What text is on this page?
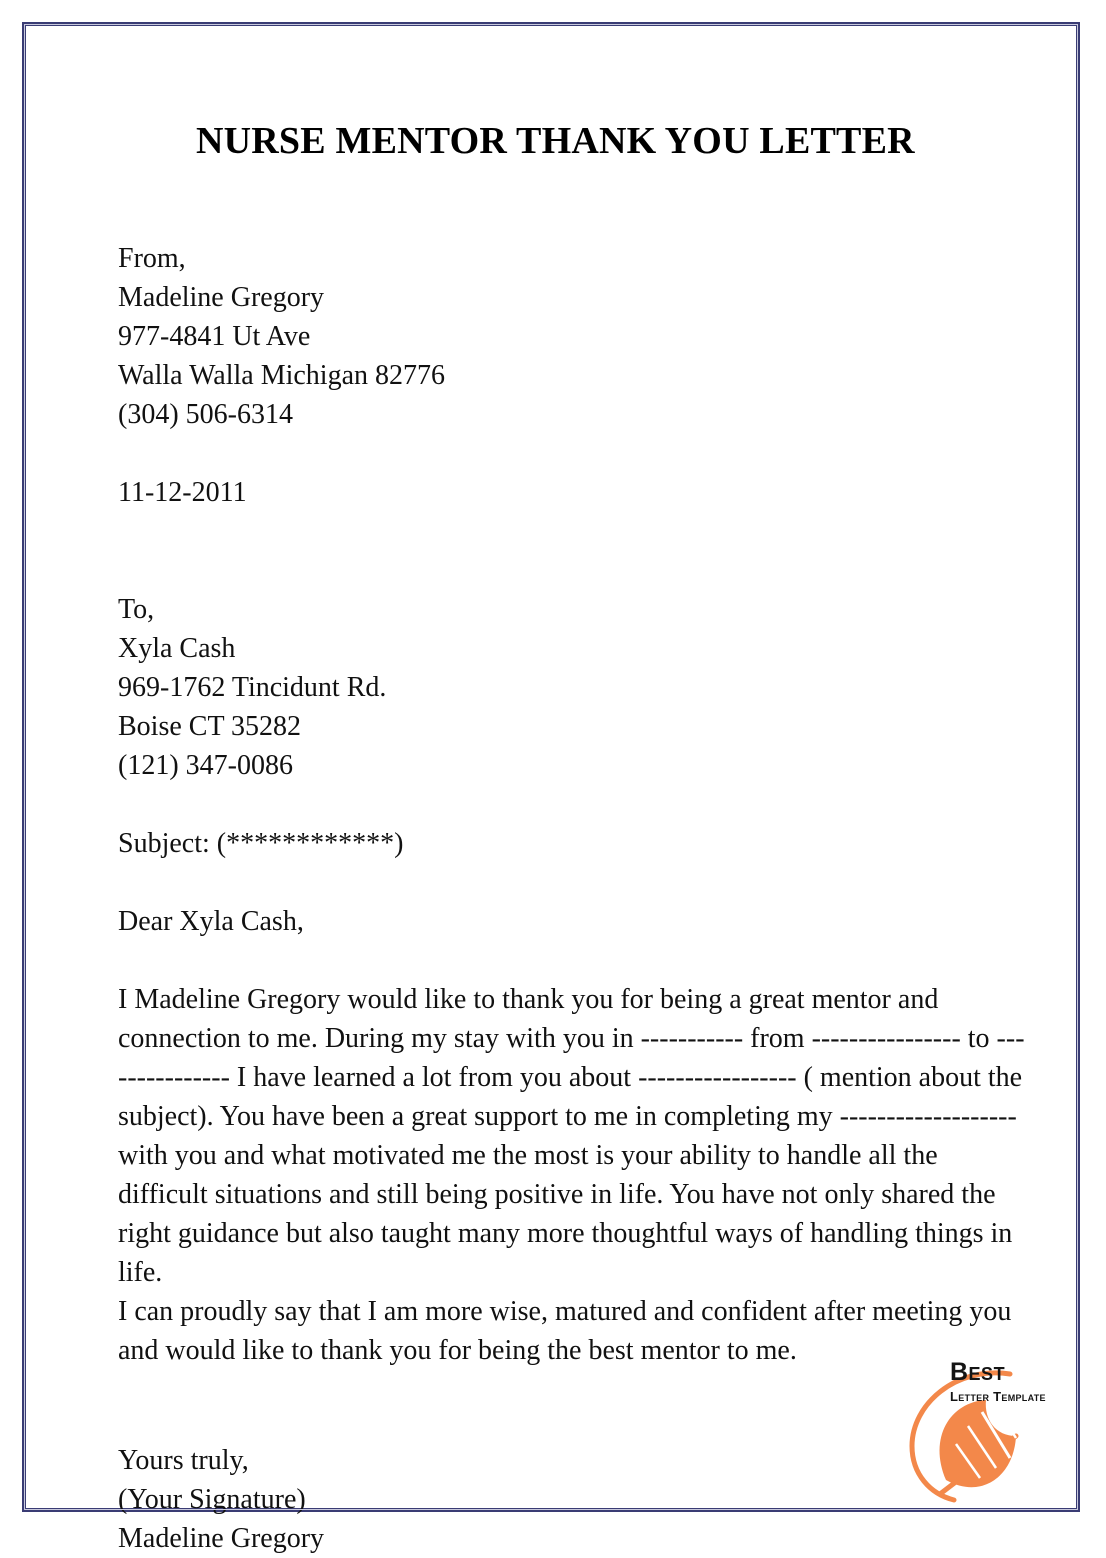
NURSE MENTOR THANK YOU LETTER
From,
Madeline Gregory
977-4841 Ut Ave
Walla Walla Michigan 82776
(304) 506-6314
11-12-2011
To,
Xyla Cash
969-1762 Tincidunt Rd.
Boise CT 35282
(121) 347-0086
Subject: (************)
Dear Xyla Cash,

I Madeline Gregory would like to thank you for being a great mentor and connection to me. During my stay with you in ----------- from ---------------- to --------------- I have learned a lot from you about ----------------- ( mention about the subject). You have been a great support to me in completing my ------------------- with you and what motivated me the most is your ability to handle all the difficult situations and still being positive in life. You have not only shared the right guidance but also taught many more thoughtful ways of handling things in life.

I can proudly say that I am more wise, matured and confident after meeting you and would like to thank you for being the best mentor to me.

Yours truly,
(Your Signature)
Madeline Gregory
Best
Letter Template
